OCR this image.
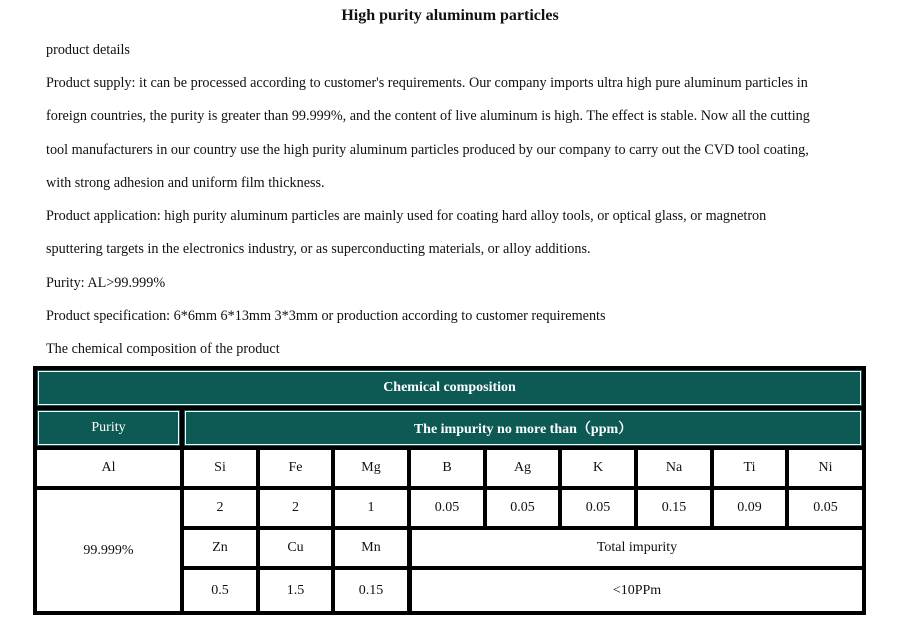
High purity aluminum particles
product details
Product supply: it can be processed according to customer's requirements. Our company imports ultra high pure aluminum particles in
foreign countries, the purity is greater than 99.999%, and the content of live aluminum is high. The effect is stable. Now all the cutting
tool manufacturers in our country use the high purity aluminum particles produced by our company to carry out the CVD tool coating,
with strong adhesion and uniform film thickness.
Product application: high purity aluminum particles are mainly used for coating hard alloy tools, or optical glass, or magnetron
sputtering targets in the electronics industry, or as superconducting materials, or alloy additions.
Purity: AL>99.999%
Product specification: 6*6mm 6*13mm 3*3mm or production according to customer requirements
The chemical composition of the product
Chemical composition
Purity	The impurity no more than（ppm）
Al
99.999%	Total impurity
<10PPm
Si
2
Fe
2
Mg
1
B
0.05
Ag
0.05
K
0.05
Na
0.15
Ti
0.09
Ni
0.05
Zn
0.5
Cu
1.5
Mn
0.15
